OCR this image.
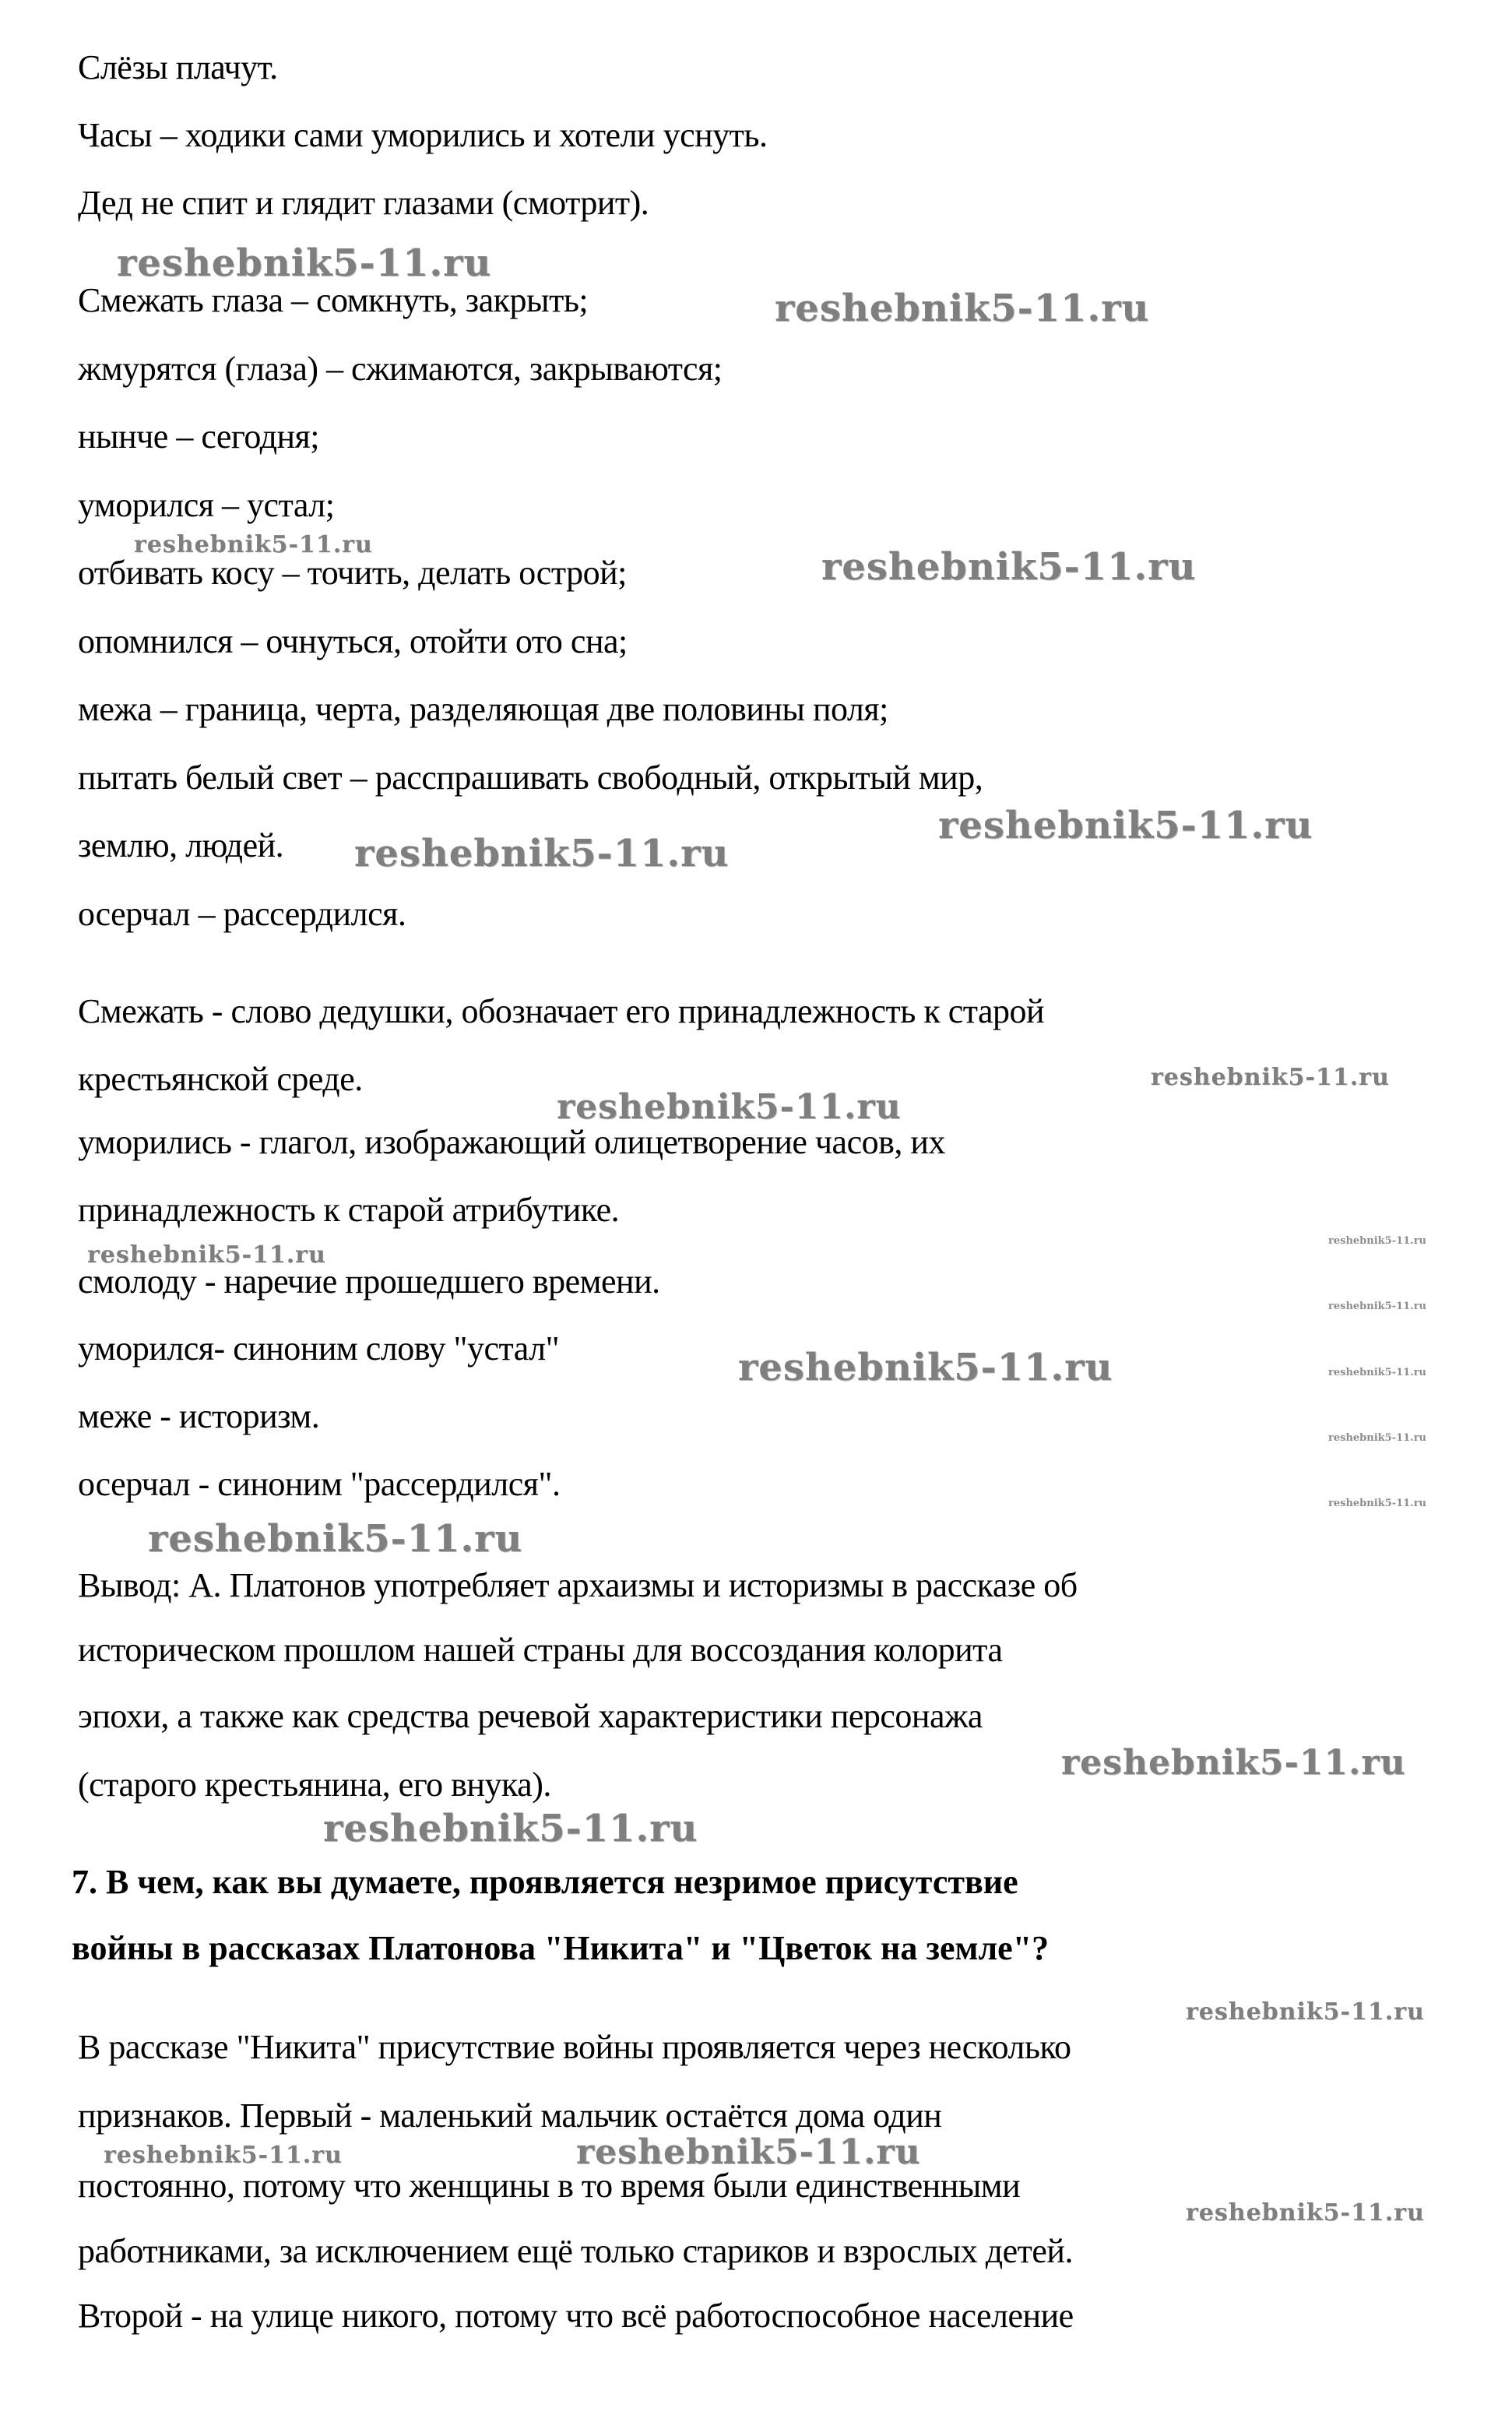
Слёзы плачут.
Часы – ходики сами уморились и хотели уснуть.
Дед не спит и глядит глазами (смотрит).
Смежать глаза – сомкнуть, закрыть;
жмурятся (глаза) – сжимаются, закрываются;
нынче – сегодня;
уморился – устал;
отбивать косу – точить, делать острой;
опомнился – очнуться, отойти ото сна;
межа – граница, черта, разделяющая две половины поля;
пытать белый свет – расспрашивать свободный, открытый мир,
землю, людей.
осерчал – рассердился.
Смежать - слово дедушки, обозначает его принадлежность к старой
крестьянской среде.
уморились - глагол, изображающий олицетворение часов, их
принадлежность к старой атрибутике.
смолоду - наречие прошедшего времени.
уморился- синоним слову "устал"
меже - историзм.
осерчал - синоним "рассердился".
Вывод: А. Платонов употребляет архаизмы и историзмы в рассказе об
историческом прошлом нашей страны для воссоздания колорита
эпохи, а также как средства речевой характеристики персонажа
(старого крестьянина, его внука).
7. В чем, как вы думаете, проявляется незримое присутствие
войны в рассказах Платонова "Никита" и "Цветок на земле"?
В рассказе "Никита" присутствие войны проявляется через несколько
признаков. Первый - маленький мальчик остаётся дома один
постоянно, потому что женщины в то время были единственными
работниками, за исключением ещё только стариков и взрослых детей.
Второй - на улице никого, потому что всё работоспособное население
reshebnik5-11.ru
reshebnik5-11.ru
reshebnik5-11.ru
reshebnik5-11.ru
reshebnik5-11.ru
reshebnik5-11.ru
reshebnik5-11.ru
reshebnik5-11.ru
reshebnik5-11.ru
reshebnik5-11.ru
reshebnik5-11.ru
reshebnik5-11.ru
reshebnik5-11.ru
reshebnik5-11.ru
reshebnik5-11.ru
reshebnik5-11.ru
reshebnik5-11.ru
reshebnik5-11.ru
reshebnik5-11.ru
reshebnik5-11.ru
reshebnik5-11.ru
reshebnik5-11.ru
